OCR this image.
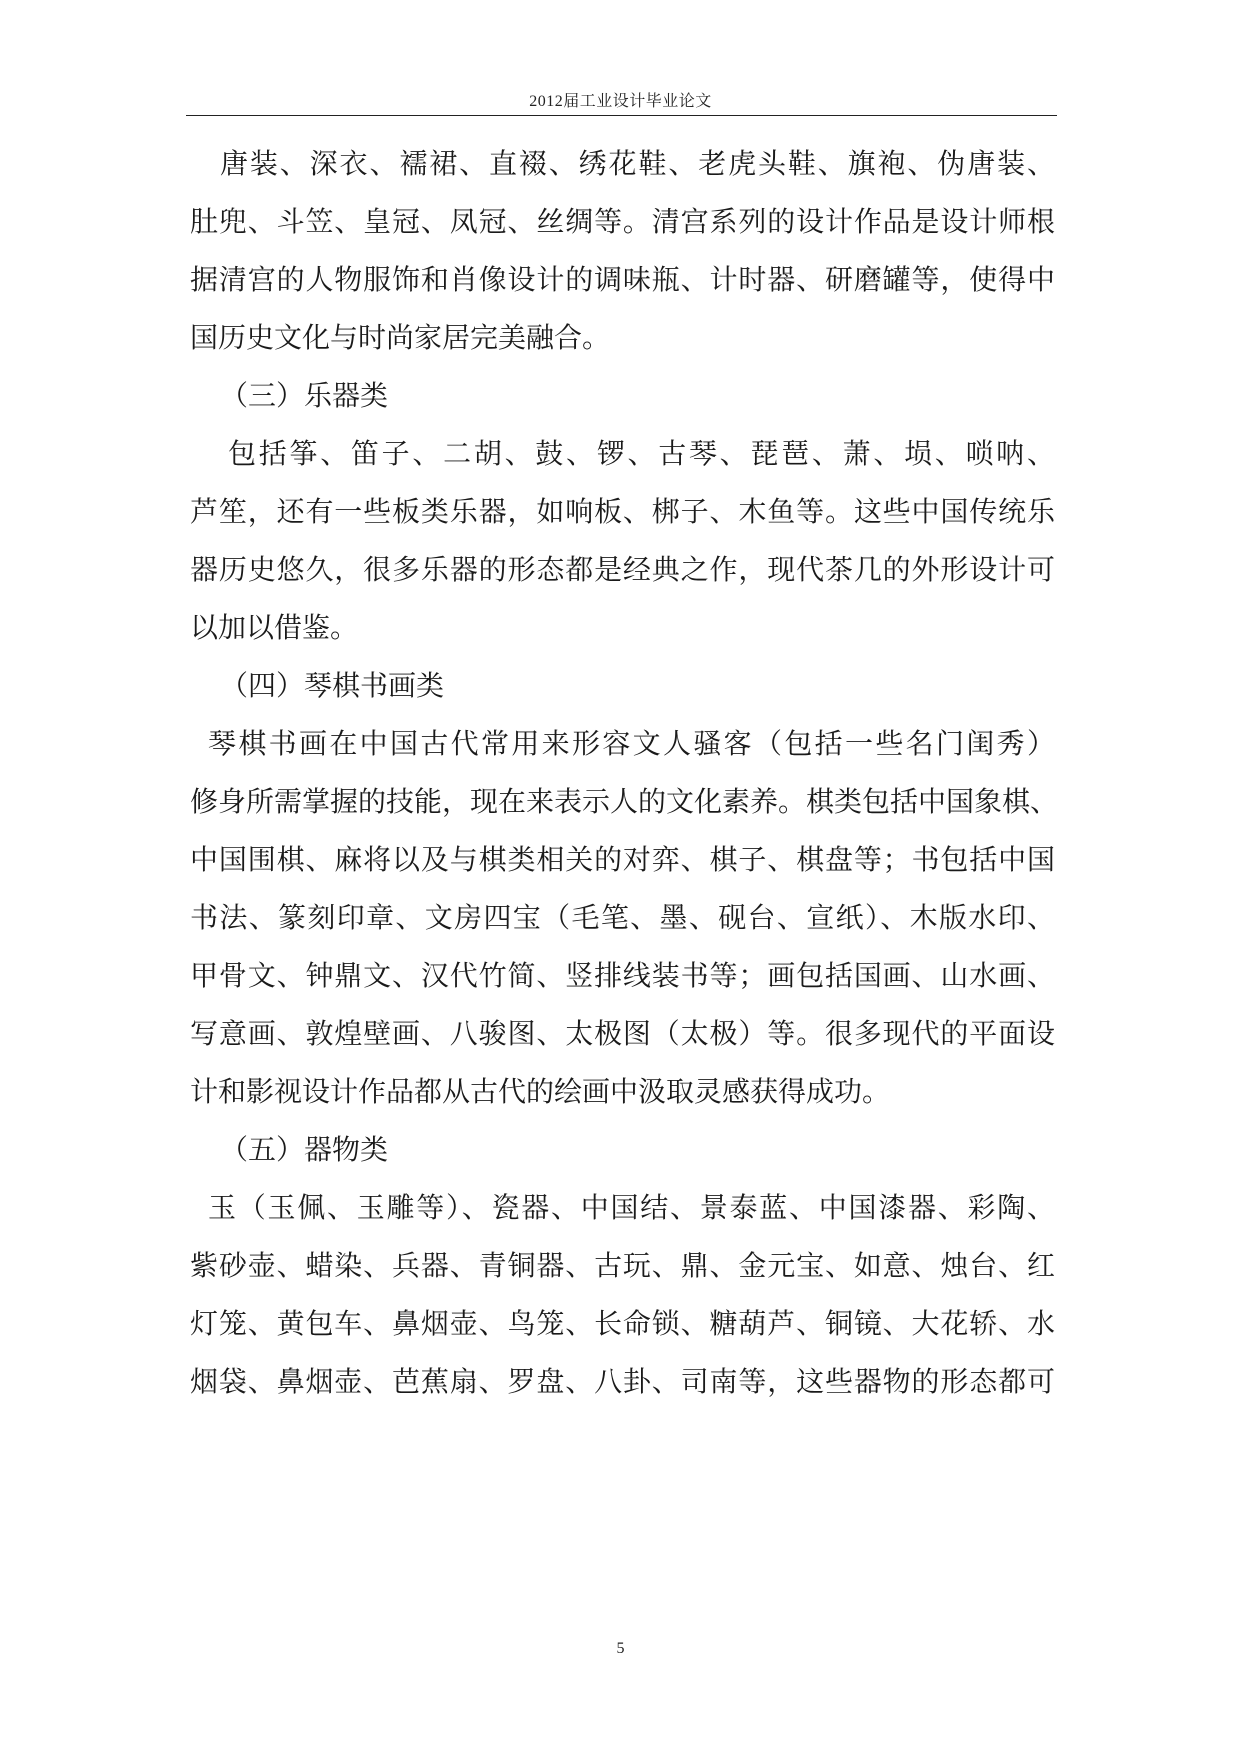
2012届工业设计毕业论文
唐装、深衣、襦裙、直裰、绣花鞋、老虎头鞋、旗袍、伪唐装、
肚兜、斗笠、皇冠、凤冠、丝绸等。清宫系列的设计作品是设计师根
据清宫的人物服饰和肖像设计的调味瓶、计时器、研磨罐等，使得中
国历史文化与时尚家居完美融合。
（三）乐器类
包括筝、笛子、二胡、鼓、锣、古琴、琵琶、萧、埙、唢呐、
芦笙，还有一些板类乐器，如响板、梆子、木鱼等。这些中国传统乐
器历史悠久，很多乐器的形态都是经典之作，现代茶几的外形设计可
以加以借鉴。
（四）琴棋书画类
琴棋书画在中国古代常用来形容文人骚客（包括一些名门闺秀）
修身所需掌握的技能，现在来表示人的文化素养。棋类包括中国象棋、
中国围棋、麻将以及与棋类相关的对弈、棋子、棋盘等；书包括中国
书法、篆刻印章、文房四宝（毛笔、墨、砚台、宣纸）、木版水印、
甲骨文、钟鼎文、汉代竹简、竖排线装书等；画包括国画、山水画、
写意画、敦煌壁画、八骏图、太极图（太极）等。很多现代的平面设
计和影视设计作品都从古代的绘画中汲取灵感获得成功。
（五）器物类
玉（玉佩、玉雕等）、瓷器、中国结、景泰蓝、中国漆器、彩陶、
紫砂壶、蜡染、兵器、青铜器、古玩、鼎、金元宝、如意、烛台、红
灯笼、黄包车、鼻烟壶、鸟笼、长命锁、糖葫芦、铜镜、大花轿、水
烟袋、鼻烟壶、芭蕉扇、罗盘、八卦、司南等，这些器物的形态都可
5
